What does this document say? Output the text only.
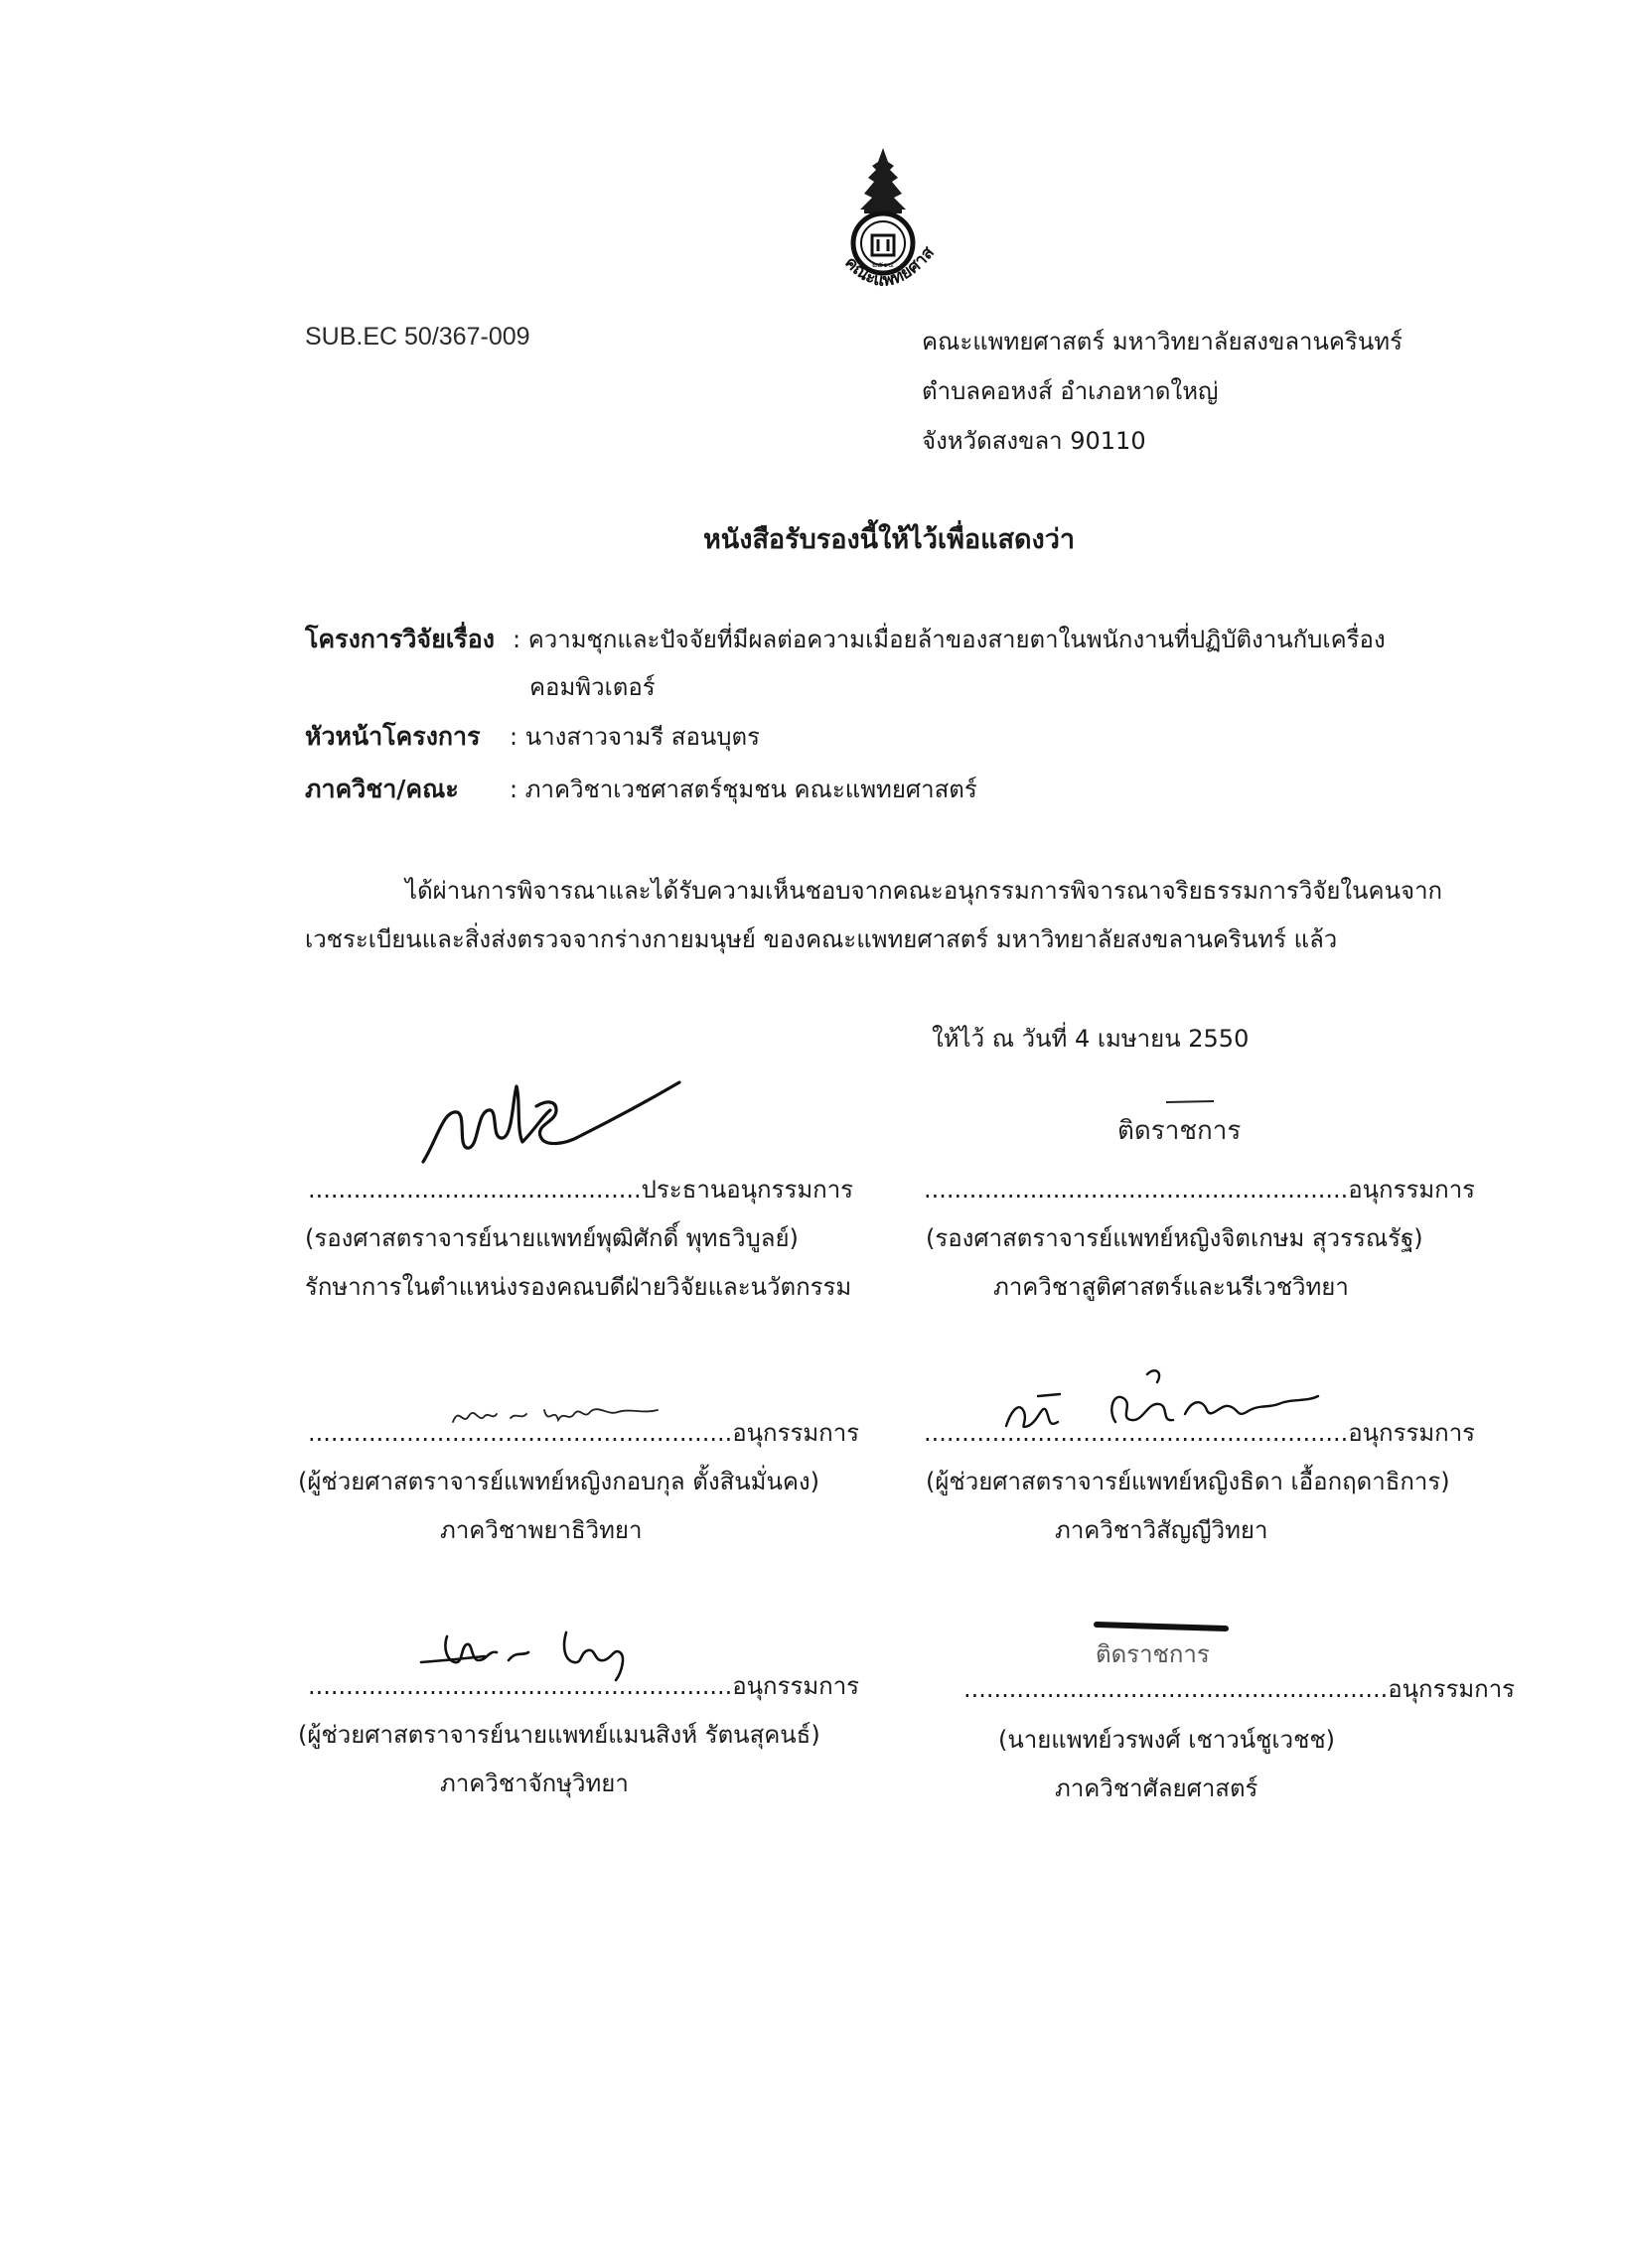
๒๕๑๕
คณะแพทยศาส
SUB.EC 50/367-009	คณะแพทยศาสตร์ มหาวิทยาลัยสงขลานครินทร์
ตำบลคอหงส์ อำเภอหาดใหญ่
จังหวัดสงขลา 90110
หนังสือรับรองนี้ให้ไว้เพื่อแสดงว่า
โครงการวิจัยเรื่อง : ความชุกและปัจจัยที่มีผลต่อความเมื่อยล้าของสายตาในพนักงานที่ปฏิบัติงานกับเครื่อง
คอมพิวเตอร์
หัวหน้าโครงการ : นางสาวจามรี สอนบุตร
ภาควิชา/คณะ : ภาควิชาเวชศาสตร์ชุมชน คณะแพทยศาสตร์
ได้ผ่านการพิจารณาและได้รับความเห็นชอบจากคณะอนุกรรมการพิจารณาจริยธรรมการวิจัยในคนจาก
เวชระเบียนและสิ่งส่งตรวจจากร่างกายมนุษย์ ของคณะแพทยศาสตร์ มหาวิทยาลัยสงขลานครินทร์ แล้ว
ให้ไว้ ณ วันที่ 4 เมษายน 2550
............................................ประธานอนุกรรมการ
(รองศาสตราจารย์นายแพทย์พุฒิศักดิ์ พุทธวิบูลย์)
รักษาการในตำแหน่งรองคณบดีฝ่ายวิจัยและนวัตกรรม
ติดราชการ
........................................................อนุกรรมการ
(รองศาสตราจารย์แพทย์หญิงจิตเกษม สุวรรณรัฐ)
ภาควิชาสูติศาสตร์และนรีเวชวิทยา
........................................................อนุกรรมการ
(ผู้ช่วยศาสตราจารย์แพทย์หญิงกอบกุล ตั้งสินมั่นคง)
ภาควิชาพยาธิวิทยา
........................................................อนุกรรมการ
(ผู้ช่วยศาสตราจารย์แพทย์หญิงธิดา เอื้อกฤดาธิการ)
ภาควิชาวิสัญญีวิทยา
........................................................อนุกรรมการ
(ผู้ช่วยศาสตราจารย์นายแพทย์แมนสิงห์ รัตนสุคนธ์)
ภาควิชาจักษุวิทยา
ติดราชการ
........................................................อนุกรรมการ
(นายแพทย์วรพงศ์ เชาวน์ชูเวชช)
ภาควิชาศัลยศาสตร์
